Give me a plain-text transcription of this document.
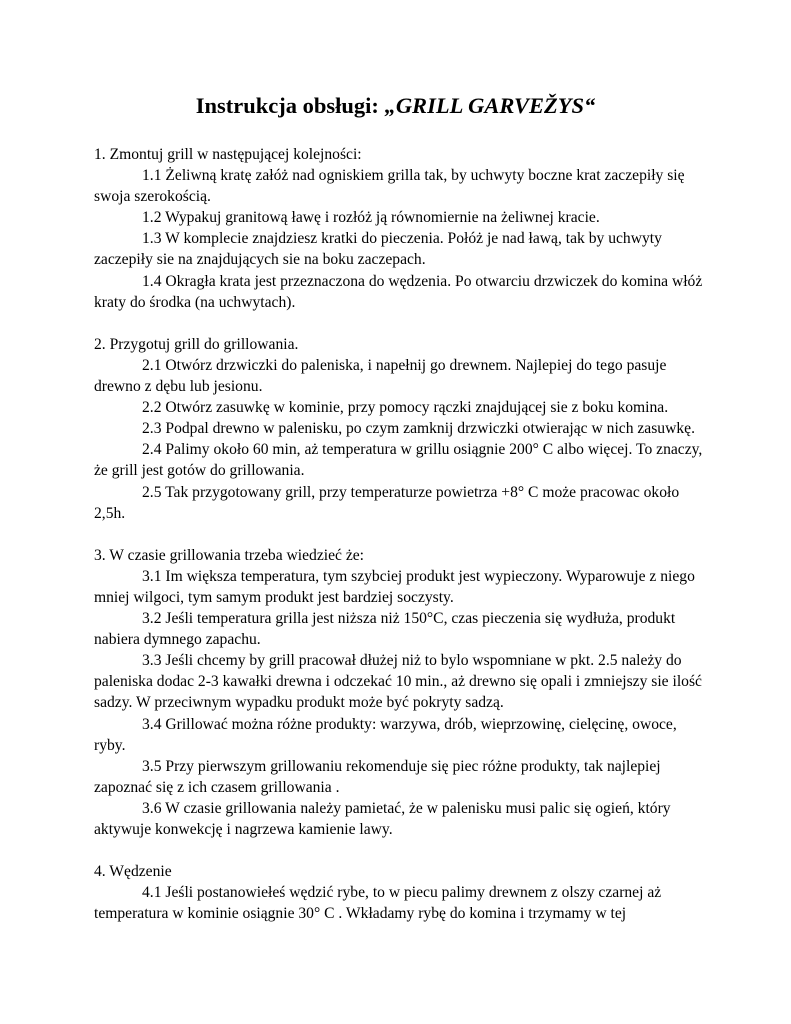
Instrukcja obsługi: „GRILL GARVEŽYS“

1. Zmontuj grill w następującej kolejności:

1.1 Żeliwną kratę załóż nad ogniskiem grilla tak, by uchwyty boczne krat zaczepiły się swoja szerokością.

1.2 Wypakuj granitową ławę i rozłóż ją równomiernie na żeliwnej kracie.

1.3 W komplecie znajdziesz kratki do pieczenia. Połóż je nad ławą, tak by uchwyty zaczepiły sie na znajdujących sie na boku zaczepach.

1.4 Okragła krata jest przeznaczona do wędzenia. Po otwarciu drzwiczek do komina włóż kraty do środka (na uchwytach).

2. Przygotuj grill do grillowania.

2.1 Otwórz drzwiczki do paleniska, i napełnij go drewnem. Najlepiej do tego pasuje drewno z dębu lub jesionu.

2.2 Otwórz zasuwkę w kominie, przy pomocy rączki znajdującej sie z boku komina.

2.3 Podpal drewno w palenisku, po czym zamknij drzwiczki otwierając w nich zasuwkę.

2.4 Palimy około 60 min, aż temperatura w grillu osiągnie 200° C albo więcej. To znaczy, że grill jest gotów do grillowania.

2.5 Tak przygotowany grill, przy temperaturze powietrza +8° C może pracowac około 2,5h.

3. W czasie grillowania trzeba wiedzieć że:

3.1 Im większa temperatura, tym szybciej produkt jest wypieczony. Wyparowuje z niego mniej wilgoci, tym samym produkt jest bardziej soczysty.

3.2 Jeśli temperatura grilla jest niższa niż 150°C, czas pieczenia się wydłuża, produkt nabiera dymnego zapachu.

3.3 Jeśli chcemy by grill pracował dłużej niż to bylo wspomniane w pkt. 2.5 należy do paleniska dodac 2-3 kawałki drewna i odczekać 10 min., aż drewno się opali i zmniejszy sie ilość sadzy. W przeciwnym wypadku produkt może być pokryty sadzą.

3.4 Grillować można różne produkty: warzywa, drób, wieprzowinę, cielęcinę, owoce, ryby.

3.5 Przy pierwszym grillowaniu rekomenduje się piec różne produkty, tak najlepiej zapoznać się z ich czasem grillowania .

3.6 W czasie grillowania należy pamietać, że w palenisku musi palic się ogień, który aktywuje konwekcję i nagrzewa kamienie lawy.

4. Wędzenie

4.1 Jeśli postanowiełeś wędzić rybe, to w piecu palimy drewnem z olszy czarnej aż temperatura w kominie osiągnie 30° C . Wkładamy rybę do komina i trzymamy w tej
